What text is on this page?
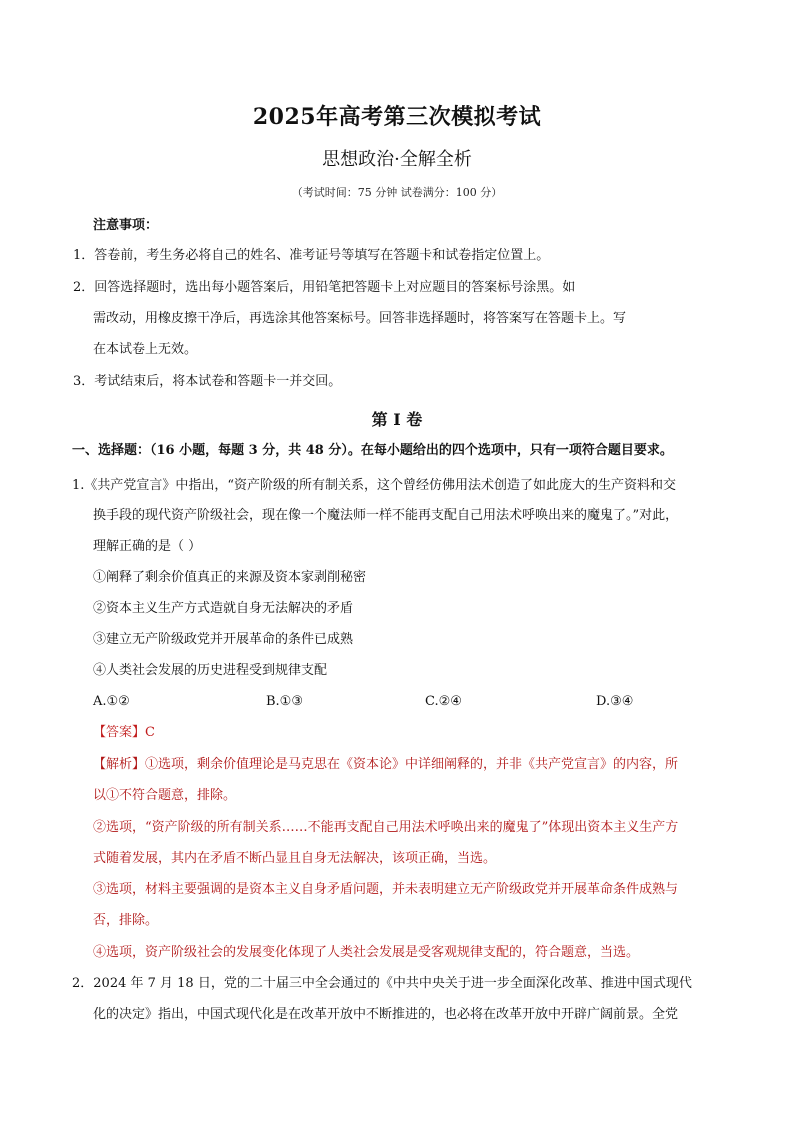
2025年高考第三次模拟考试
思想政治·全解全析
（考试时间：75 分钟 试卷满分：100 分）
注意事项：
1．答卷前，考生务必将自己的姓名、准考证号等填写在答题卡和试卷指定位置上。
2．回答选择题时，选出每小题答案后，用铅笔把答题卡上对应题目的答案标号涂黑。如
需改动，用橡皮擦干净后，再选涂其他答案标号。回答非选择题时，将答案写在答题卡上。写
在本试卷上无效。
3．考试结束后，将本试卷和答题卡一并交回。
第 I 卷
一、选择题：（16 小题，每题 3 分，共 48 分）。在每小题给出的四个选项中，只有一项符合题目要求。
1.《共产党宣言》中指出，“资产阶级的所有制关系，这个曾经仿佛用法术创造了如此庞大的生产资料和交
换手段的现代资产阶级社会，现在像一个魔法师一样不能再支配自己用法术呼唤出来的魔鬼了。”对此，
理解正确的是（ ）
①阐释了剩余价值真正的来源及资本家剥削秘密
②资本主义生产方式造就自身无法解决的矛盾
③建立无产阶级政党并开展革命的条件已成熟
④人类社会发展的历史进程受到规律支配
A.①②	B.①③	C.②④	D.③④
【答案】C
【解析】①选项，剩余价值理论是马克思在《资本论》中详细阐释的，并非《共产党宣言》的内容，所
以①不符合题意，排除。
②选项，“资产阶级的所有制关系……不能再支配自己用法术呼唤出来的魔鬼了”体现出资本主义生产方
式随着发展，其内在矛盾不断凸显且自身无法解决，该项正确，当选。
③选项，材料主要强调的是资本主义自身矛盾问题，并未表明建立无产阶级政党并开展革命条件成熟与
否，排除。
④选项，资产阶级社会的发展变化体现了人类社会发展是受客观规律支配的，符合题意，当选。
2．2024 年 7 月 18 日，党的二十届三中全会通过的《中共中央关于进一步全面深化改革、推进中国式现代
化的决定》指出，中国式现代化是在改革开放中不断推进的，也必将在改革开放中开辟广阔前景。全党
